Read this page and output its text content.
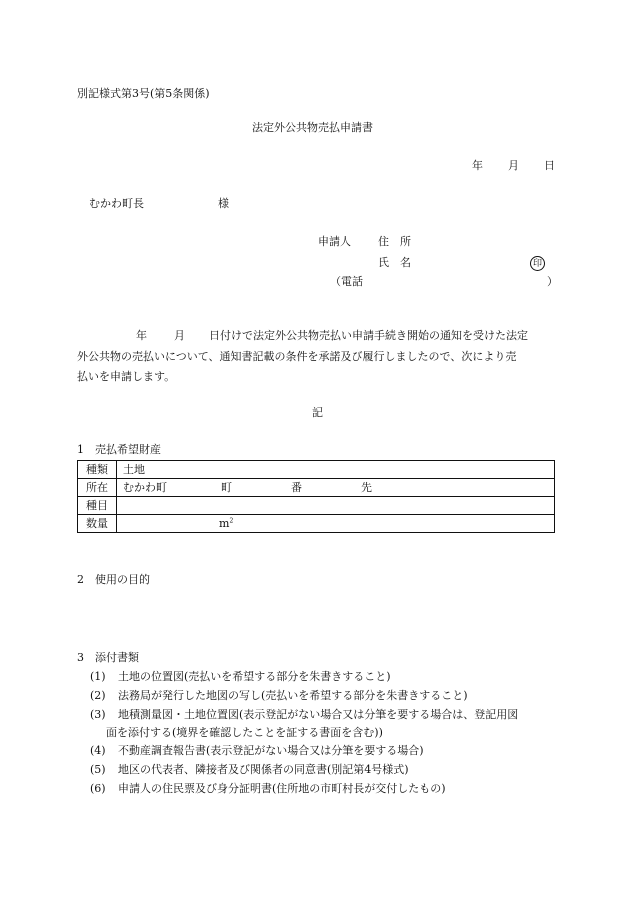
別記様式第3号(第5条関係)
法定外公共物売払申請書
年 月 日
むかわ町長	様
申請人 住　所
氏　名	印
（電話	）
年 月 日付けで法定外公共物売払い申請手続き開始の通知を受けた法定
外公共物の売払いについて、通知書記載の条件を承諾及び履行しましたので、次により売
払いを申請します。
記
1　売払希望財産
種類	土地
所在	むかわ町 町 番 先

種目	
数量	$m^2$
2　使用の目的
3　添付書類
(1) 土地の位置図(売払いを希望する部分を朱書きすること)
(2) 法務局が発行した地図の写し(売払いを希望する部分を朱書きすること)
(3) 地積測量図・土地位置図(表示登記がない場合又は分筆を要する場合は、登記用図
面を添付する(境界を確認したことを証する書面を含む))
(4) 不動産調査報告書(表示登記がない場合又は分筆を要する場合)
(5) 地区の代表者、隣接者及び関係者の同意書(別記第4号様式)
(6) 申請人の住民票及び身分証明書(住所地の市町村長が交付したもの)
